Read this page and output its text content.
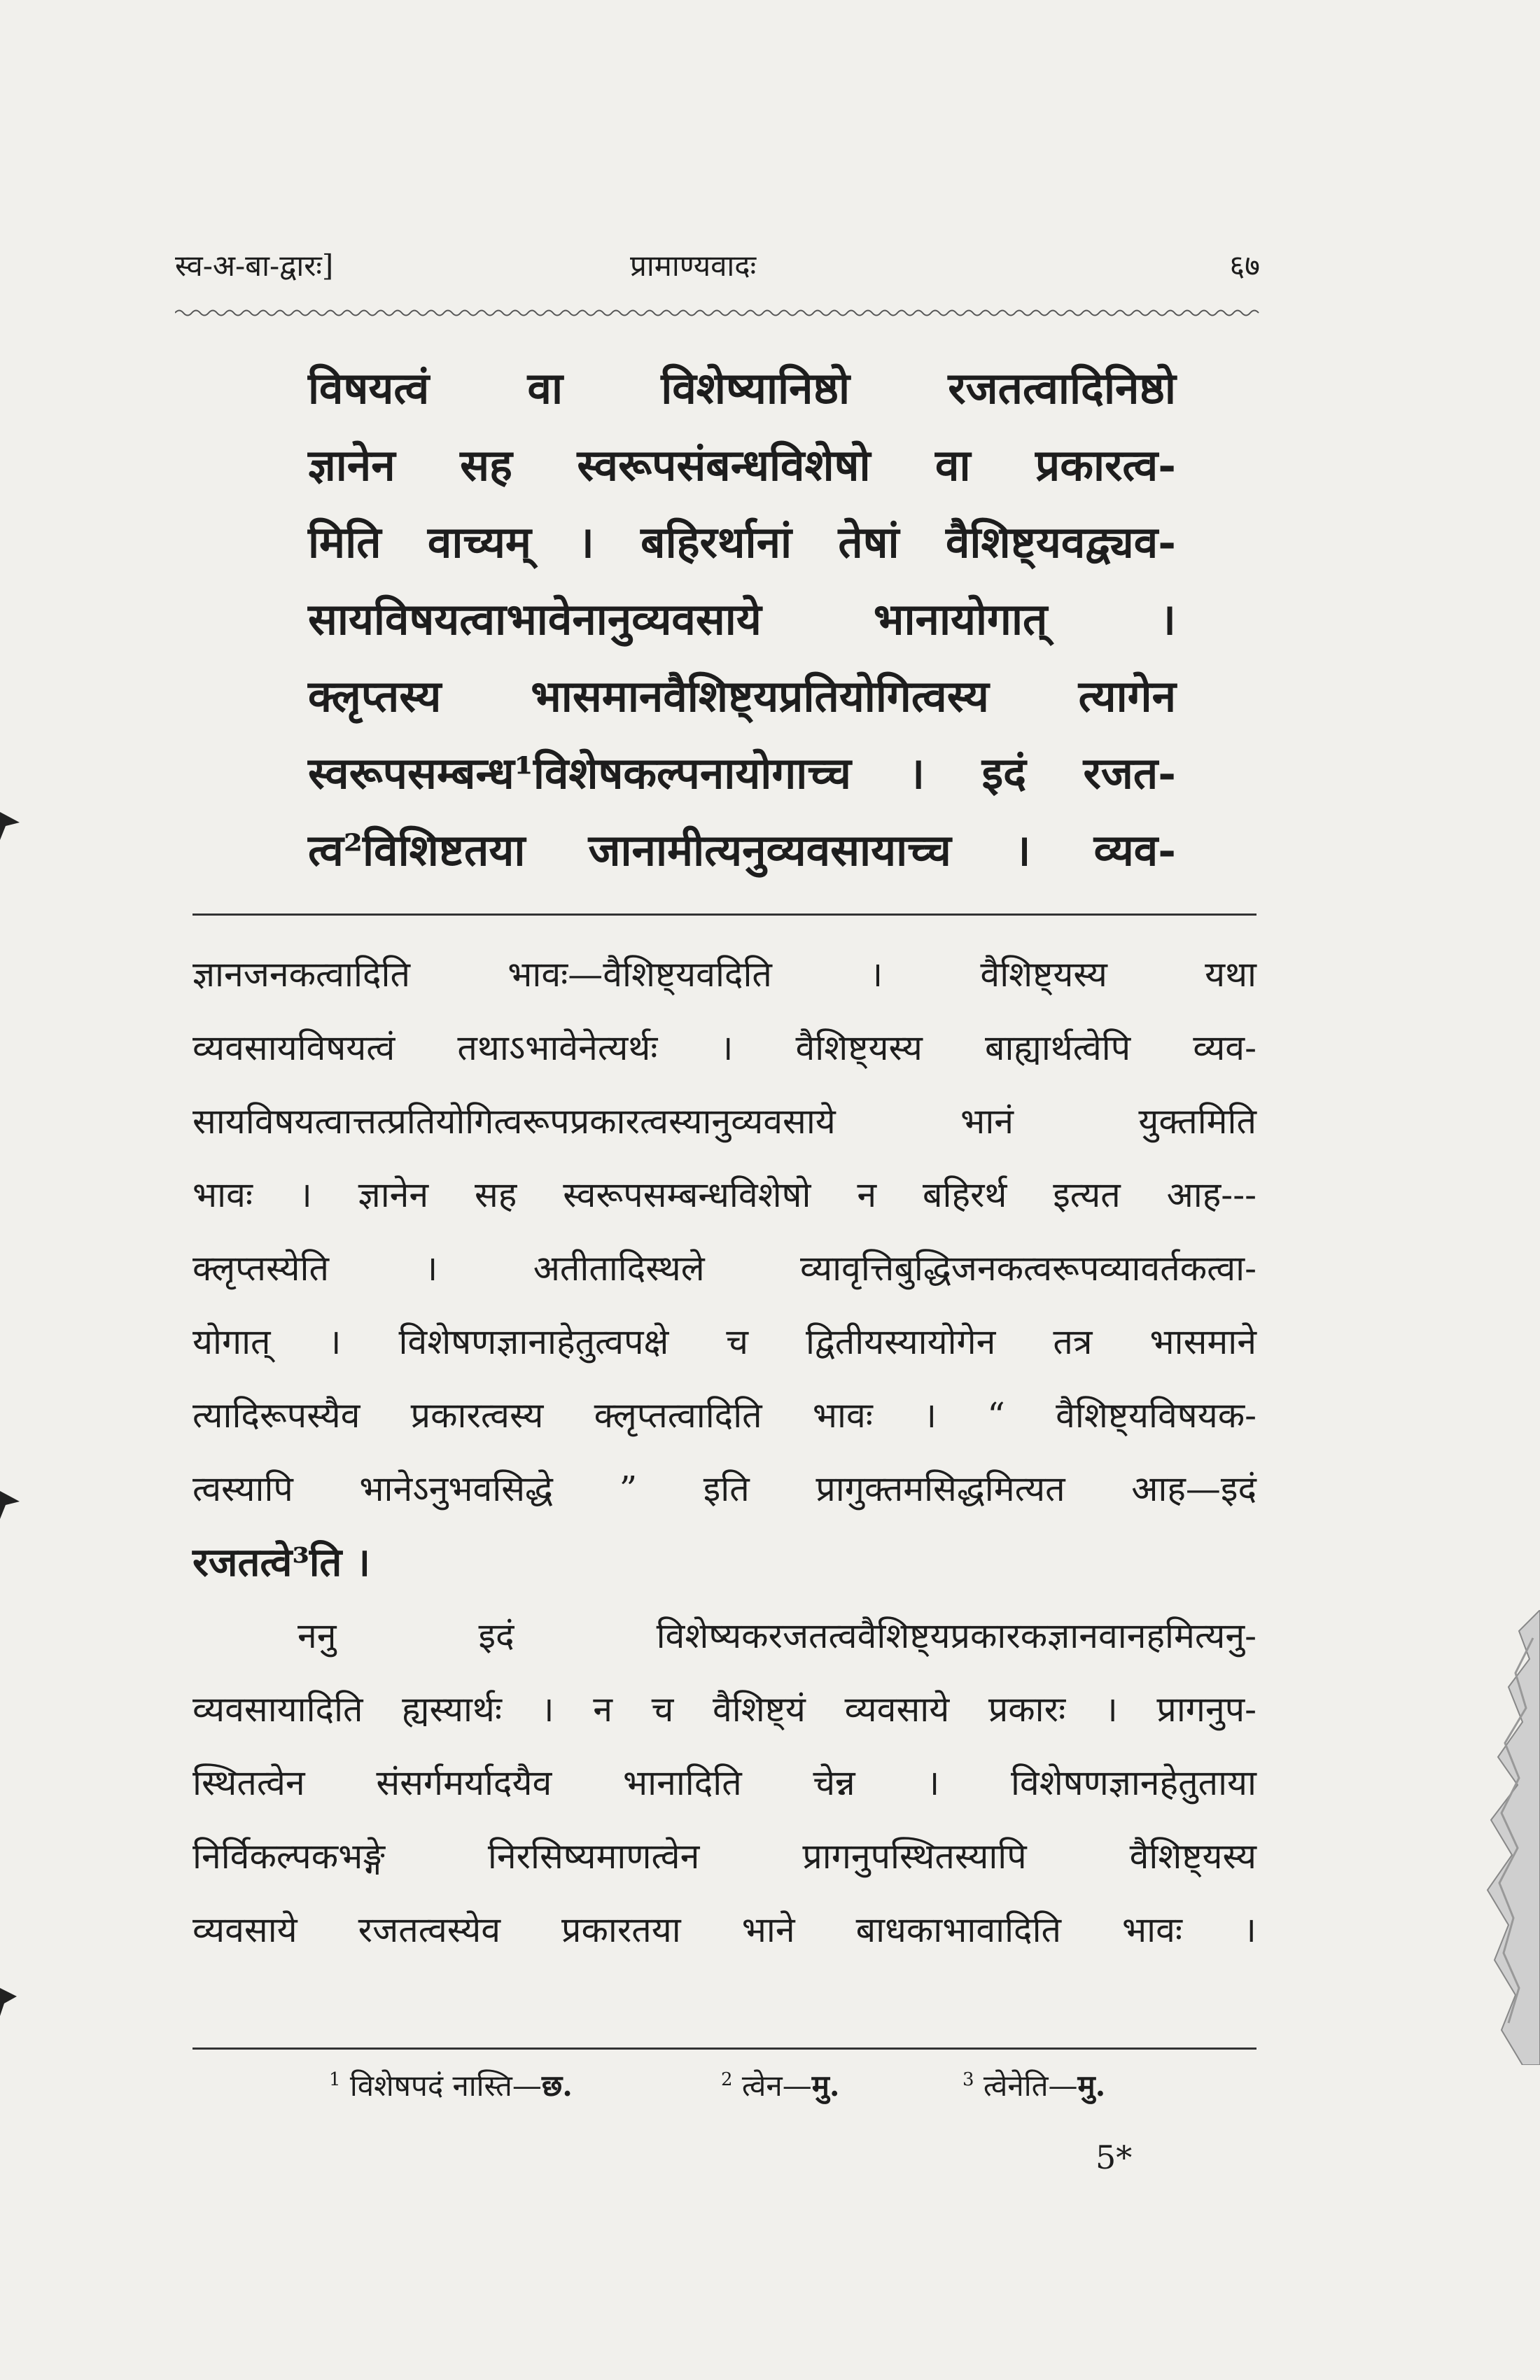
स्व-अ-बा-द्वारः]	प्रामाण्यवादः	६७
विषयत्वं वा विशेष्यानिष्ठो रजतत्वादिनिष्ठो
ज्ञानेन सह स्वरूपसंबन्धविशेषो वा प्रकारत्व-
मिति वाच्यम् । बहिरर्थानां तेषां वैशिष्ट्यवद्व्यव-
सायविषयत्वाभावेनानुव्यवसाये भानायोगात् ।
क्लृप्तस्य भासमानवैशिष्ट्यप्रतियोगित्वस्य त्यागेन
स्वरूपसम्बन्ध¹विशेषकल्पनायोगाच्च । इदं रजत-
त्व²विशिष्टतया जानामीत्यनुव्यवसायाच्च । व्यव-
ज्ञानजनकत्वादिति भावः—वैशिष्ट्यवदिति । वैशिष्ट्यस्य यथा
व्यवसायविषयत्वं तथाऽभावेनेत्यर्थः । वैशिष्ट्यस्य बाह्यार्थत्वेपि व्यव-
सायविषयत्वात्तत्प्रतियोगित्वरूपप्रकारत्वस्यानुव्यवसाये भानं युक्तमिति
भावः । ज्ञानेन सह स्वरूपसम्बन्धविशेषो न बहिरर्थ इत्यत आह---
क्लृप्तस्येति । अतीतादिस्थले व्यावृत्तिबुद्धिजनकत्वरूपव्यावर्तकत्वा-
योगात् । विशेषणज्ञानाहेतुत्वपक्षे च द्वितीयस्यायोगेन तत्र भासमाने
त्यादिरूपस्यैव प्रकारत्वस्य क्लृप्तत्वादिति भावः । “ वैशिष्ट्यविषयक-
त्वस्यापि भानेऽनुभवसिद्धे ” इति प्रागुक्तमसिद्धमित्यत आह—इदं
रजतत्वे³ति ।
ननु इदं विशेष्यकरजतत्ववैशिष्ट्यप्रकारकज्ञानवानहमित्यनु-
व्यवसायादिति ह्यस्यार्थः । न च वैशिष्ट्यं व्यवसाये प्रकारः । प्रागनुप-
स्थितत्वेन संसर्गमर्यादयैव भानादिति चेन्न । विशेषणज्ञानहेतुताया
निर्विकल्पकभङ्गे निरसिष्यमाणत्वेन प्रागनुपस्थितस्यापि वैशिष्ट्यस्य
व्यवसाये रजतत्वस्येव प्रकारतया भाने बाधकाभावादिति भावः ।
$^1$ विशेषपदं नास्ति—छ.	$^2$ त्वेन—मु.	$^3$ त्वेनेति—मु.
5*
